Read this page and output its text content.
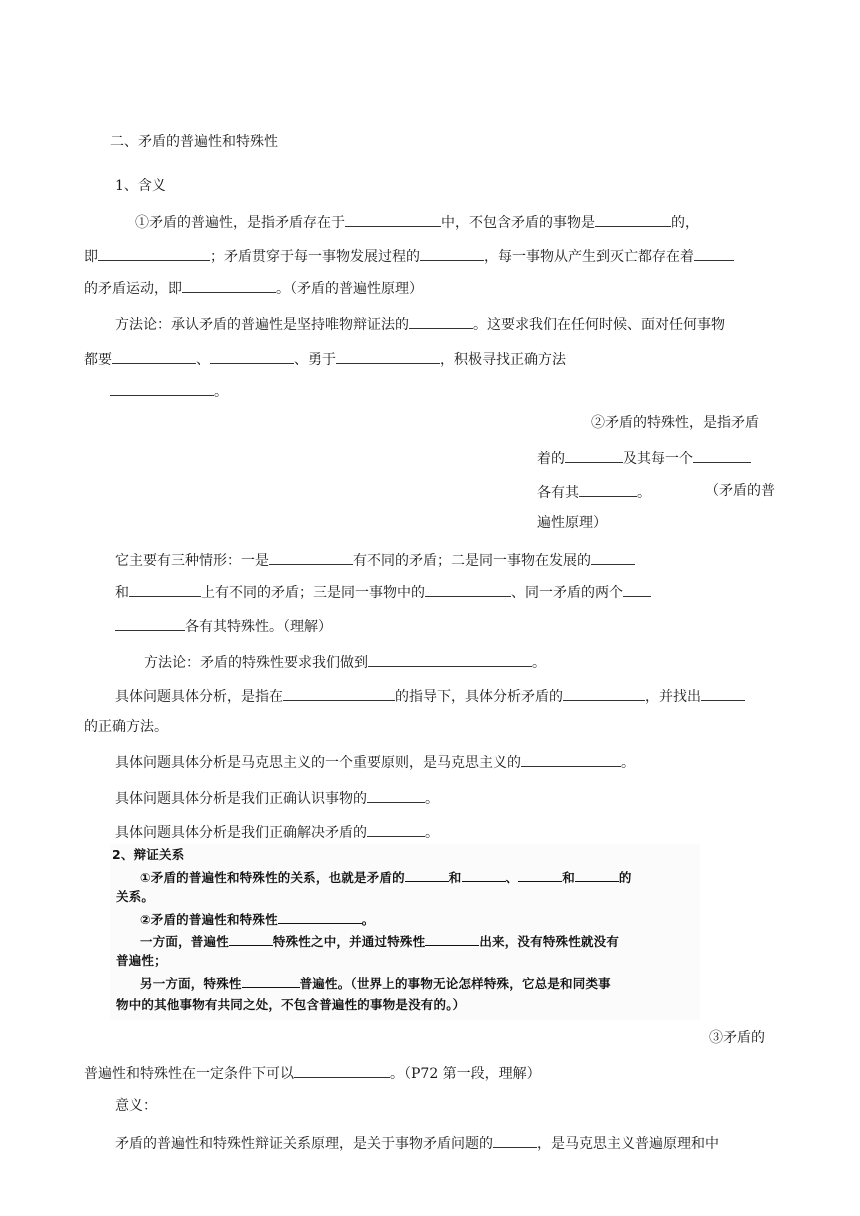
二、矛盾的普遍性和特殊性
1、含义
①矛盾的普遍性，是指矛盾存在于	中，不包含矛盾的事物是	的，
即	；矛盾贯穿于每一事物发展过程的	，每一事物从产生到灭亡都存在着
的矛盾运动，即	。（矛盾的普遍性原理）
方法论：承认矛盾的普遍性是坚持唯物辩证法的	。这要求我们在任何时候、面对任何事物
都要	、	、勇于	，积极寻找正确方法
。
②矛盾的特殊性，是指矛盾
着的	及其每一个
各有其	。	（矛盾的普
遍性原理）
它主要有三种情形：一是	有不同的矛盾；二是同一事物在发展的
和	上有不同的矛盾；三是同一事物中的	、同一矛盾的两个
各有其特殊性。（理解）
方法论：矛盾的特殊性要求我们做到	。
具体问题具体分析，是指在	的指导下，具体分析矛盾的	，并找出
的正确方法。
具体问题具体分析是马克思主义的一个重要原则，是马克思主义的	。
具体问题具体分析是我们正确认识事物的	。
具体问题具体分析是我们正确解决矛盾的	。
2、辩证关系
①矛盾的普遍性和特殊性的关系，也就是矛盾的	和	、	和	的
关系。
②矛盾的普遍性和特殊性	。
一方面，普遍性	特殊性之中，并通过特殊性	出来，没有特殊性就没有
普遍性；
另一方面，特殊性	普遍性。（世界上的事物无论怎样特殊，它总是和同类事
物中的其他事物有共同之处，不包含普遍性的事物是没有的。）
③矛盾的
普遍性和特殊性在一定条件下可以	。（P72 第一段，理解）
意义：
矛盾的普遍性和特殊性辩证关系原理，是关于事物矛盾问题的	，是马克思主义普遍原理和中
